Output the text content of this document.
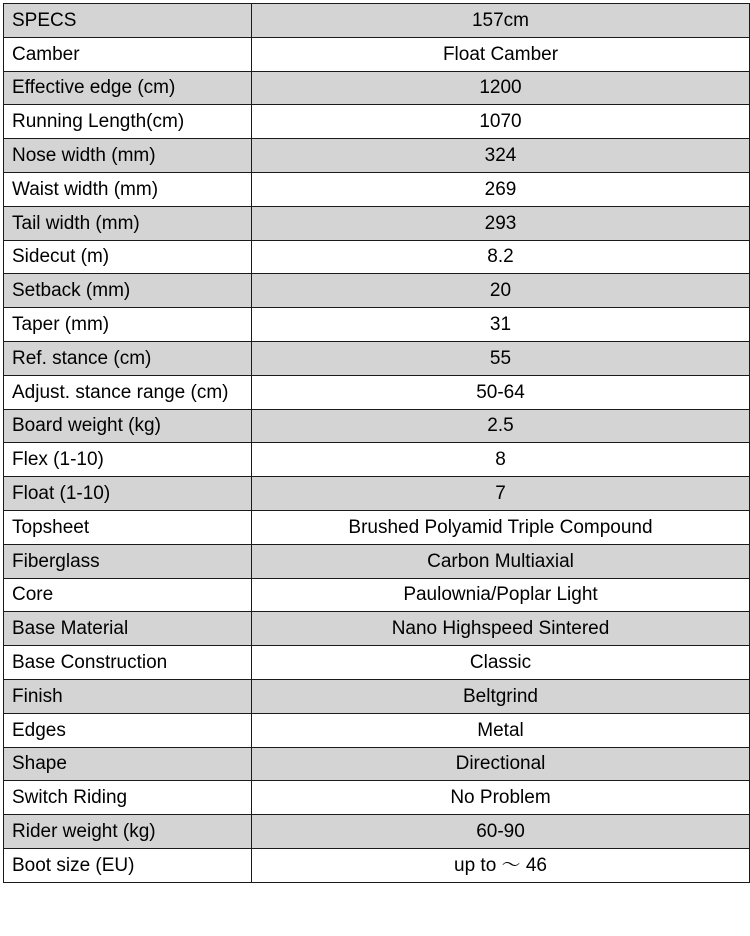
SPECS	157cm
Camber	Float Camber
Effective edge (cm)	1200
Running Length(cm)	1070
Nose width (mm)	324
Waist width (mm)	269
Tail width (mm)	293
Sidecut (m)	8.2
Setback (mm)	20
Taper (mm)	31
Ref. stance (cm)	55
Adjust. stance range (cm)	50-64
Board weight (kg)	2.5
Flex (1-10)	8
Float (1-10)	7
Topsheet	Brushed Polyamid Triple Compound
Fiberglass	Carbon Multiaxial
Core	Paulownia/Poplar Light
Base Material	Nano Highspeed Sintered
Base Construction	Classic
Finish	Beltgrind
Edges	Metal
Shape	Directional
Switch Riding	No Problem
Rider weight (kg)	60-90
Boot size (EU)	up to ～ 46
